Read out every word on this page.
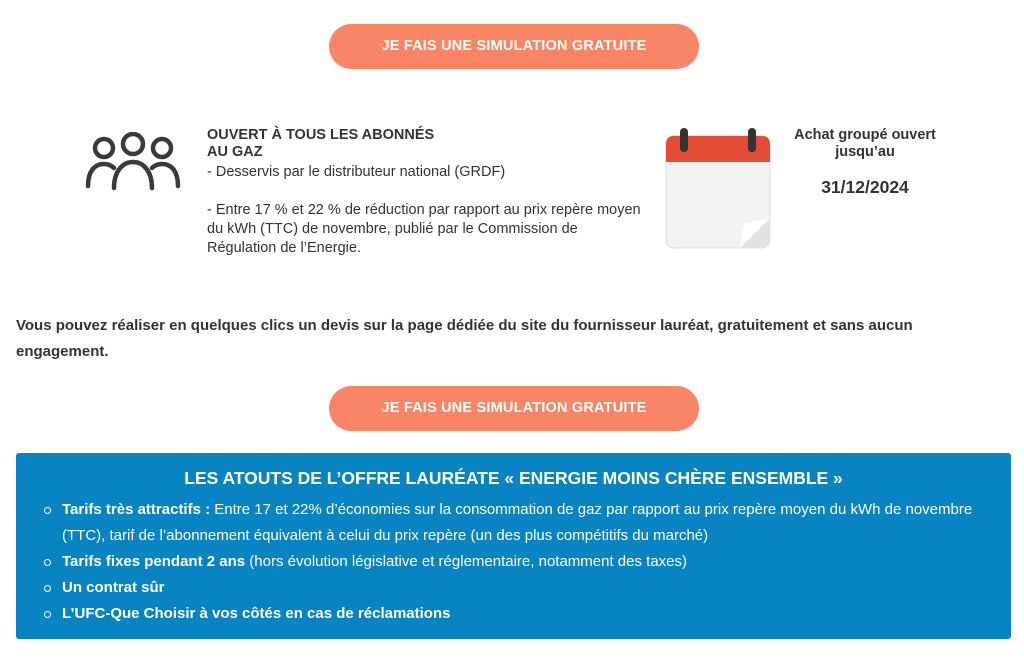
JE FAIS UNE SIMULATION GRATUITE
OUVERT À TOUS LES ABONNÉS AU GAZ
- Desservis par le distributeur national (GRDF)
- Entre 17 % et 22 % de réduction par rapport au prix repère moyen du kWh (TTC) de novembre, publié par le Commission de Régulation de l’Energie.
Achat groupé ouvert jusqu’au
31/12/2024
Vous pouvez réaliser en quelques clics un devis sur la page dédiée du site du fournisseur lauréat, gratuitement et sans aucun engagement.
JE FAIS UNE SIMULATION GRATUITE
LES ATOUTS DE L’OFFRE LAURÉATE « ENERGIE MOINS CHÈRE ENSEMBLE »
Tarifs très attractifs : Entre 17 et 22% d’économies sur la consommation de gaz par rapport au prix repère moyen du kWh de novembre (TTC), tarif de l’abonnement équivalent à celui du prix repère (un des plus compétitifs du marché)
Tarifs fixes pendant 2 ans (hors évolution législative et réglementaire, notamment des taxes)
Un contrat sûr
L’UFC-Que Choisir à vos côtés en cas de réclamations
